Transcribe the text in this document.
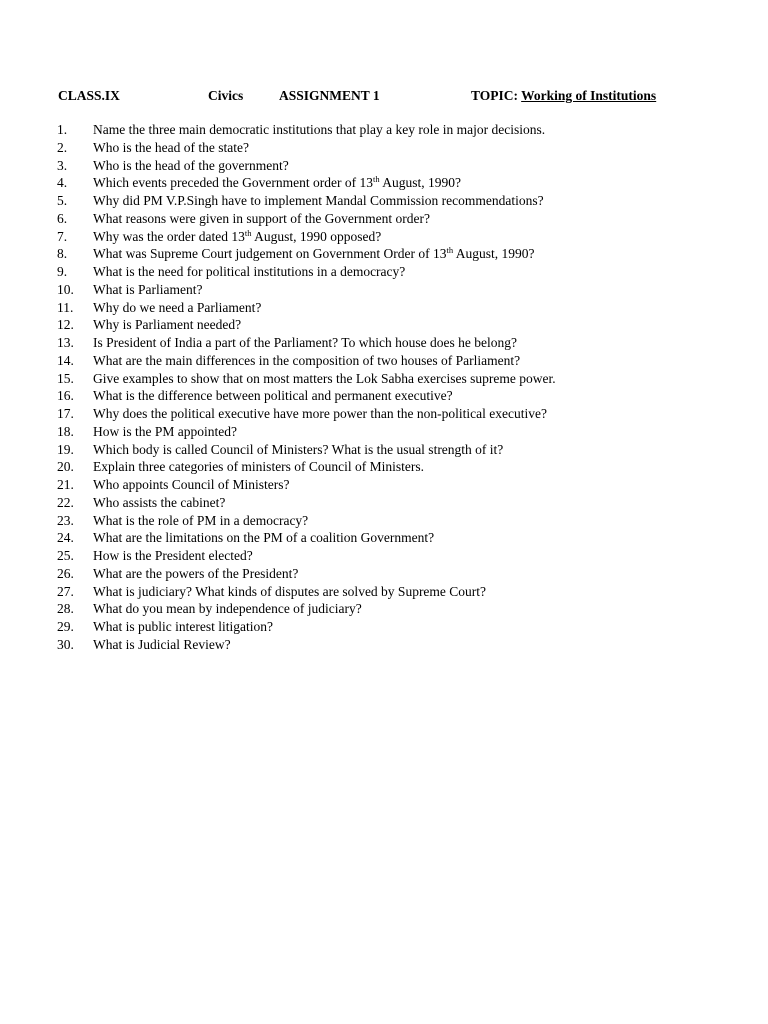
CLASS.IX	Civics	ASSIGNMENT 1	TOPIC: Working of Institutions
1. Name the three main democratic institutions that play a key role in major decisions.
2. Who is the head of the state?
3. Who is the head of the government?
4. Which events preceded the Government order of 13th August, 1990?
5. Why did PM V.P.Singh have to implement Mandal Commission recommendations?
6. What reasons were given in support of the Government order?
7. Why was the order dated 13th August, 1990 opposed?
8. What was Supreme Court judgement on Government Order of 13th August, 1990?
9. What is the need for political institutions in a democracy?
10. What is Parliament?
11. Why do we need a Parliament?
12. Why is Parliament needed?
13. Is President of India a part of the Parliament? To which house does he belong?
14. What are the main differences in the composition of two houses of Parliament?
15. Give examples to show that on most matters the Lok Sabha exercises supreme power.
16. What is the difference between political and permanent executive?
17. Why does the political executive have more power than the non-political executive?
18. How is the PM appointed?
19. Which body is called Council of Ministers? What is the usual strength of it?
20. Explain three categories of ministers of Council of Ministers.
21. Who appoints Council of Ministers?
22. Who assists the cabinet?
23. What is the role of PM in a democracy?
24. What are the limitations on the PM of a coalition Government?
25. How is the President elected?
26. What are the powers of the President?
27. What is judiciary? What kinds of disputes are solved by Supreme Court?
28. What do you mean by independence of judiciary?
29. What is public interest litigation?
30. What is Judicial Review?
